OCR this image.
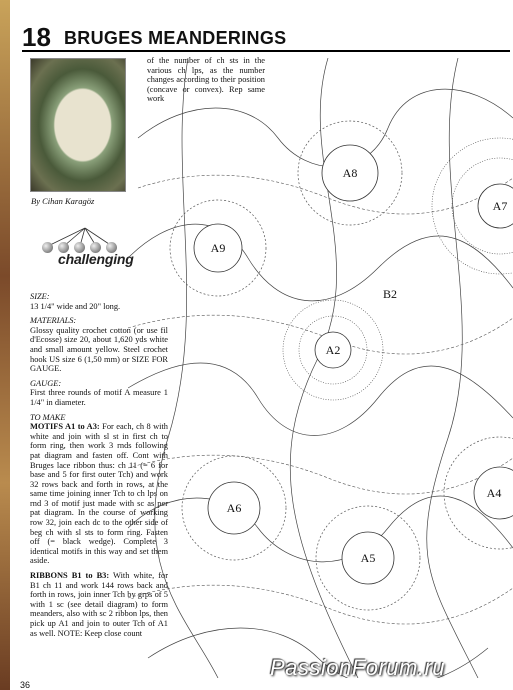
18 BRUGES MEANDERINGS
By Cihan Karagöz
challenging
of the number of ch sts in the various ch lps, as the number changes according to their position (concave or convex). Rep same work

SIZE:
13 1/4" wide and 20" long.

MATERIALS:
Glossy quality crochet cotton (or use fil d'Ecosse) size 20, about 1,620 yds white and small amount yellow. Steel crochet hook US size 6 (1,50 mm) or SIZE FOR GAUGE.

GAUGE:
First three rounds of motif A measure 1 1/4" in diameter.

TO MAKE
MOTIFS A1 to A3: For each, ch 8 with white and join with sl st in first ch to form ring, then work 3 rnds following pat diagram and fasten off. Cont with Bruges lace ribbon thus: ch 11 (= 6 for base and 5 for first outer Tch) and work 32 rows back and forth in rows, at the same time joining inner Tch to ch lps on rnd 3 of motif just made with sc as per pat diagram. In the course of working row 32, join each dc to the other side of beg ch with sl sts to form ring. Fasten off (= black wedge). Complete 3 identical motifs in this way and set them aside.

RIBBONS B1 to B3: With white, for B1 ch 11 and work 144 rows back and forth in rows, join inner Tch by grps of 5 with 1 sc (see detail diagram) to form meanders, also with sc 2 ribbon lps, then pick up A1 and join to outer Tch of A1 as well. NOTE: Keep close count

A8
A7
A9
B2
A2
A6
A4
A5
PassionForum.ru
36
